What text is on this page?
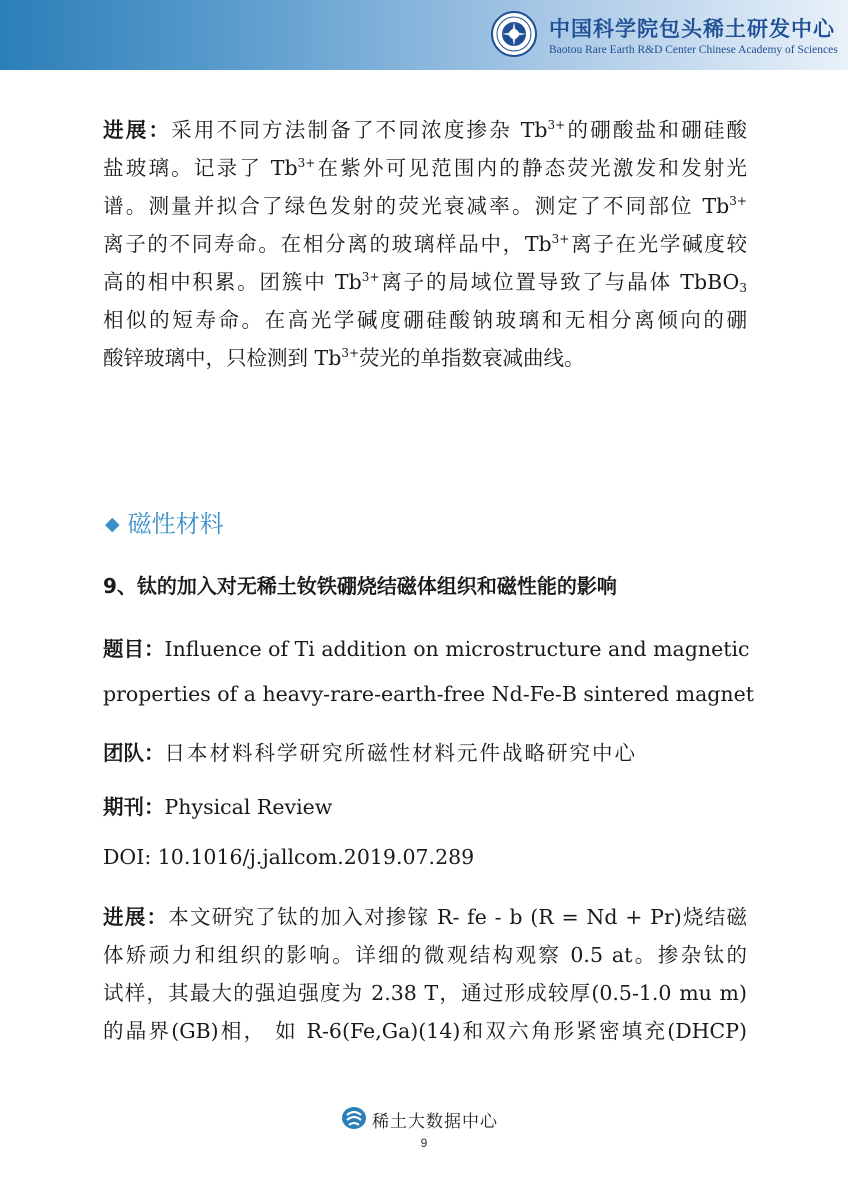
中国科学院包头稀土研发中心
Baotou Rare Earth R&D Center Chinese Academy of Sciences
进展：采用不同方法制备了不同浓度掺杂 $Tb^{3+}$的硼酸盐和硼硅酸
盐玻璃。记录了 $Tb^{3+}$在紫外可见范围内的静态荧光激发和发射光
谱。测量并拟合了绿色发射的荧光衰减率。测定了不同部位 $Tb^{3+}$
离子的不同寿命。在相分离的玻璃样品中，$Tb^{3+}$离子在光学碱度较
高的相中积累。团簇中 $Tb^{3+}$离子的局域位置导致了与晶体 TbBO$_3$
相似的短寿命。在高光学碱度硼硅酸钠玻璃和无相分离倾向的硼
酸锌玻璃中，只检测到 $Tb^{3+}$荧光的单指数衰减曲线。
◆ 磁性材料
9、钛的加入对无稀土钕铁硼烧结磁体组织和磁性能的影响
题目：Influence of Ti addition on microstructure and magnetic
properties of a heavy-rare-earth-free Nd-Fe-B sintered magnet
团队：日本材料科学研究所磁性材料元件战略研究中心
期刊：Physical Review
DOI: 10.1016/j.jallcom.2019.07.289
进展：本文研究了钛的加入对掺镓 R- fe - b (R = Nd + Pr)烧结磁
体矫顽力和组织的影响。详细的微观结构观察 0.5 at。掺杂钛的
试样，其最大的强迫强度为 2.38 T，通过形成较厚(0.5-1.0 mu m)
的晶界(GB)相， 如 R-6(Fe,Ga)(14)和双六角形紧密填充(DHCP)
稀土大数据中心
9
